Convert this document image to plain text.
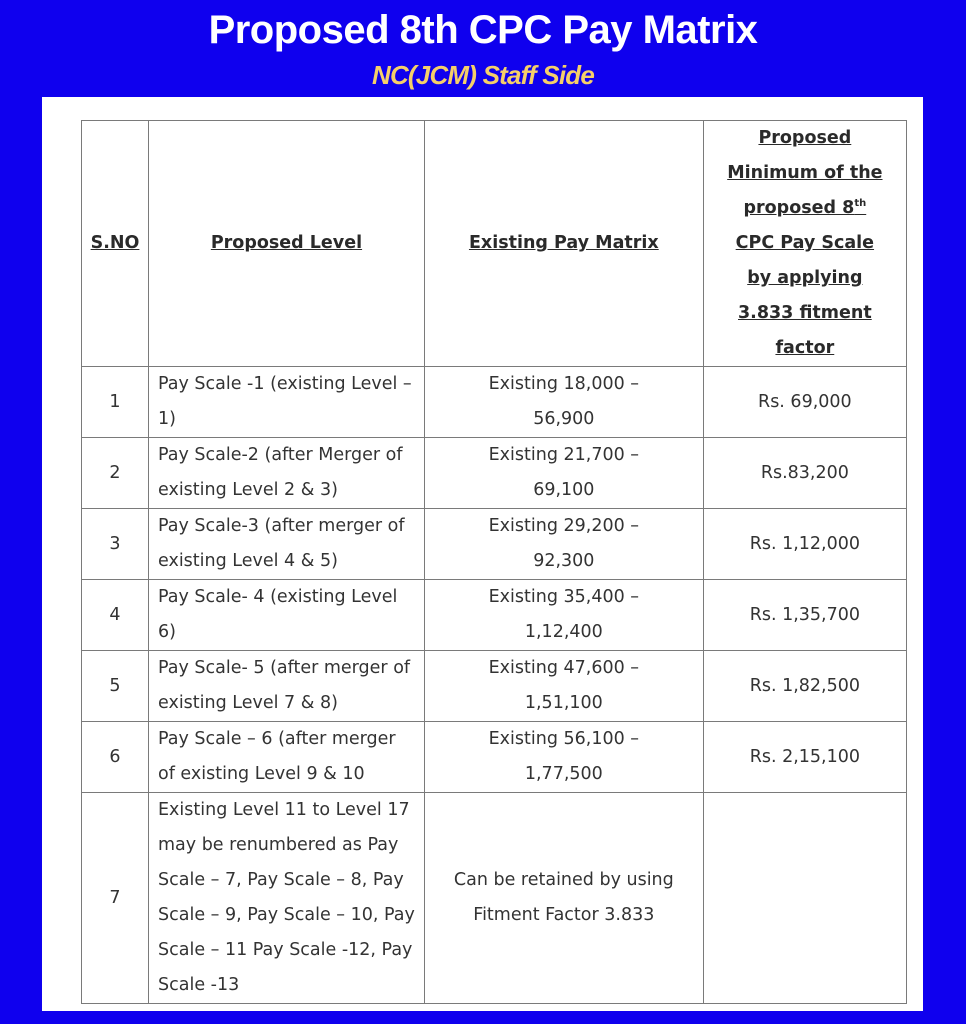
Proposed 8th CPC Pay Matrix
NC(JCM) Staff Side
S.NO	Proposed Level	Existing Pay Matrix	Proposed Minimum of the proposed 8th CPC Pay Scale by applying 3.833 fitment factor
1	Pay Scale -1 (existing Level – 1)	Existing 18,000 – 56,900	Rs. 69,000
2	Pay Scale-2 (after Merger of existing Level 2 & 3)	Existing 21,700 – 69,100	Rs.83,200
3	Pay Scale-3 (after merger of existing Level 4 & 5)	Existing 29,200 – 92,300	Rs. 1,12,000
4	Pay Scale- 4 (existing Level 6)	Existing 35,400 – 1,12,400	Rs. 1,35,700
5	Pay Scale- 5 (after merger of existing Level 7 & 8)	Existing 47,600 – 1,51,100	Rs. 1,82,500
6	Pay Scale – 6 (after merger of existing Level 9 & 10	Existing 56,100 – 1,77,500	Rs. 2,15,100
7	Existing Level 11 to Level 17 may be renumbered as Pay Scale – 7, Pay Scale – 8, Pay Scale – 9, Pay Scale – 10, Pay Scale – 11 Pay Scale -12, Pay Scale -13	Can be retained by using Fitment Factor 3.833	
